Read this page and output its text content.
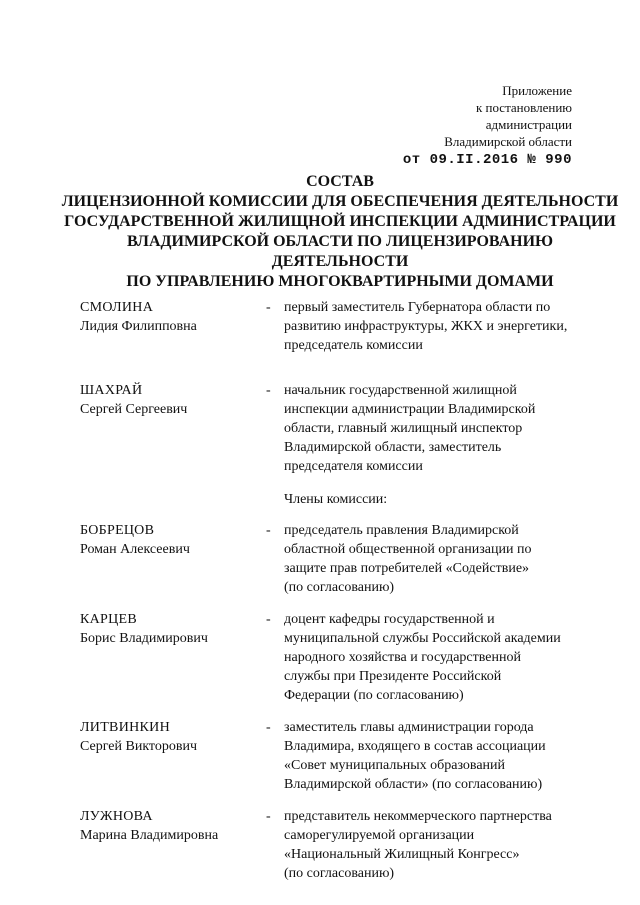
Приложение
к постановлению
администрации
Владимирской области
от 09.II.2016 № 990
СОСТАВ
ЛИЦЕНЗИОННОЙ КОМИССИИ ДЛЯ ОБЕСПЕЧЕНИЯ ДЕЯТЕЛЬНОСТИ
ГОСУДАРСТВЕННОЙ ЖИЛИЩНОЙ ИНСПЕКЦИИ АДМИНИСТРАЦИИ
ВЛАДИМИРСКОЙ ОБЛАСТИ ПО ЛИЦЕНЗИРОВАНИЮ
ДЕЯТЕЛЬНОСТИ
ПО УПРАВЛЕНИЮ МНОГОКВАРТИРНЫМИ ДОМАМИ
СМОЛИНА
Лидия Филипповна
- первый заместитель Губернатора области по
развитию инфраструктуры, ЖКХ и энергетики,
председатель комиссии
ШАХРАЙ
Сергей Сергеевич
- начальник государственной жилищной
инспекции администрации Владимирской
области, главный жилищный инспектор
Владимирской области, заместитель
председателя комиссии
Члены комиссии:
БОБРЕЦОВ
Роман Алексеевич
- председатель правления Владимирской
областной общественной организации по
защите прав потребителей «Содействие»
(по согласованию)
КАРЦЕВ
Борис Владимирович
- доцент кафедры государственной и
муниципальной службы Российской академии
народного хозяйства и государственной
службы при Президенте Российской
Федерации (по согласованию)
ЛИТВИНКИН
Сергей Викторович
- заместитель главы администрации города
Владимира, входящего в состав ассоциации
«Совет муниципальных образований
Владимирской области» (по согласованию)
ЛУЖНОВА
Марина Владимировна
- представитель некоммерческого партнерства
саморегулируемой организации
«Национальный Жилищный Конгресс»
(по согласованию)
